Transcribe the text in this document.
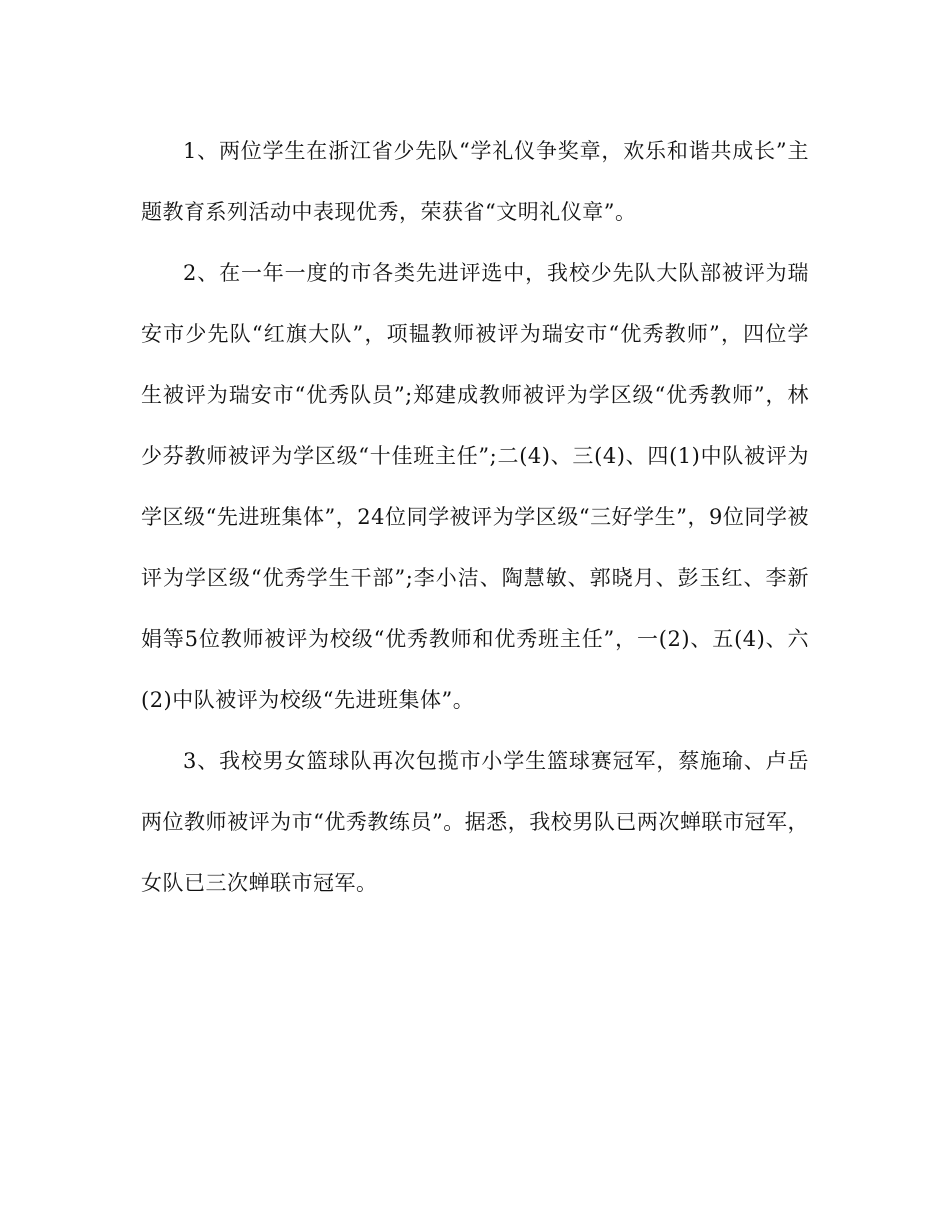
1、两位学生在浙江省少先队“学礼仪争奖章，欢乐和谐共成长”主题教育系列活动中表现优秀，荣获省“文明礼仪章”。

2、在一年一度的市各类先进评选中，我校少先队大队部被评为瑞安市少先队“红旗大队”，项韫教师被评为瑞安市“优秀教师”，四位学生被评为瑞安市“优秀队员”;郑建成教师被评为学区级“优秀教师”，林少芬教师被评为学区级“十佳班主任”;二(4)、三(4)、四(1)中队被评为学区级“先进班集体”，24位同学被评为学区级“三好学生”，9位同学被评为学区级“优秀学生干部”;李小洁、陶慧敏、郭晓月、彭玉红、李新娟等5位教师被评为校级“优秀教师和优秀班主任”，一(2)、五(4)、六(2)中队被评为校级“先进班集体”。

3、我校男女篮球队再次包揽市小学生篮球赛冠军，蔡施瑜、卢岳两位教师被评为市“优秀教练员”。据悉，我校男队已两次蝉联市冠军，女队已三次蝉联市冠军。
